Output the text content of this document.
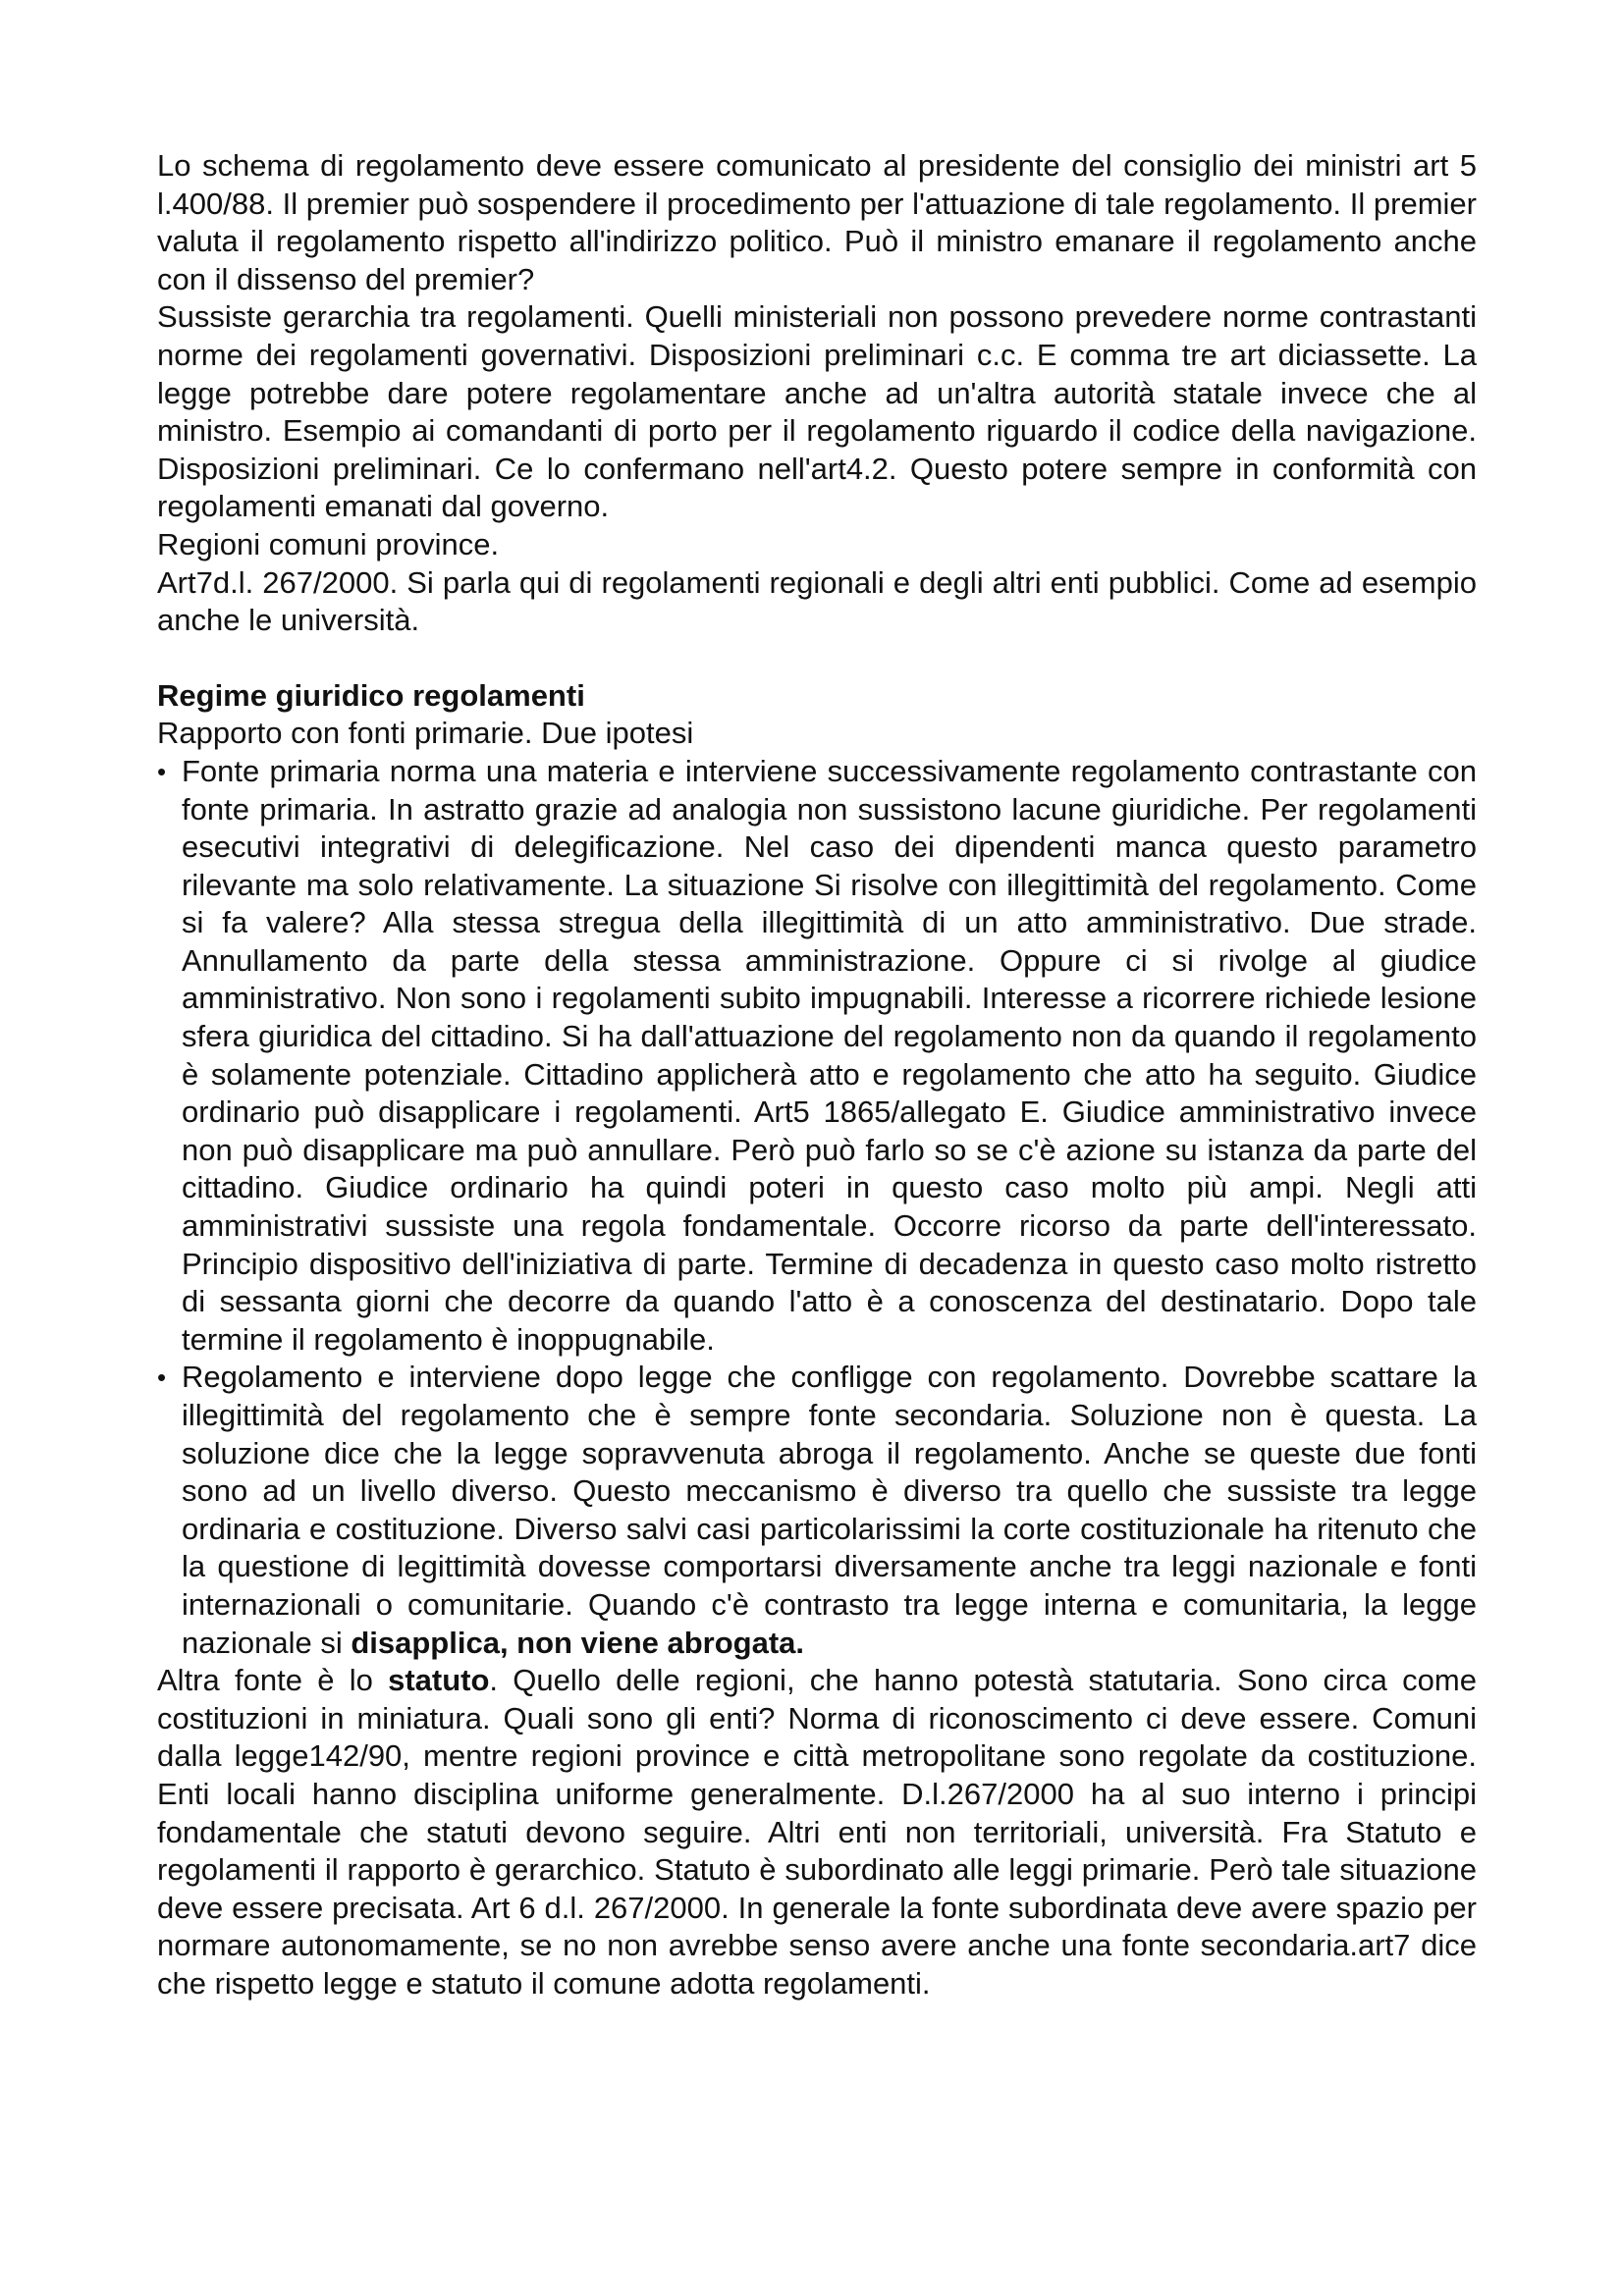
Lo schema di regolamento deve essere comunicato al presidente del consiglio dei ministri art 5 l.400/88. Il premier può sospendere il procedimento per l'attuazione di tale regolamento. Il premier valuta il regolamento rispetto all'indirizzo politico. Può il ministro emanare il regolamento anche con il dissenso del premier?

Sussiste gerarchia tra regolamenti. Quelli ministeriali non possono prevedere norme contrastanti norme dei regolamenti governativi. Disposizioni preliminari c.c. E comma tre art diciassette. La legge potrebbe dare potere regolamentare anche ad un'altra autorità statale invece che al ministro. Esempio ai comandanti di porto per il regolamento riguardo il codice della navigazione. Disposizioni preliminari. Ce lo confermano nell'art4.2. Questo potere sempre in conformità con regolamenti emanati dal governo.

Regioni comuni province.

Art7d.l. 267/2000. Si parla qui di regolamenti regionali e degli altri enti pubblici. Come ad esempio anche le università.

Regime giuridico regolamenti

Rapporto con fonti primarie. Due ipotesi

• Fonte primaria norma una materia e interviene successivamente regolamento contrastante con fonte primaria. In astratto grazie ad analogia non sussistono lacune giuridiche. Per regolamenti esecutivi integrativi di delegificazione. Nel caso dei dipendenti manca questo parametro rilevante ma solo relativamente. La situazione Si risolve con illegittimità del regolamento. Come si fa valere? Alla stessa stregua della illegittimità di un atto amministrativo. Due strade. Annullamento da parte della stessa amministrazione. Oppure ci si rivolge al giudice amministrativo. Non sono i regolamenti subito impugnabili. Interesse a ricorrere richiede lesione sfera giuridica del cittadino. Si ha dall'attuazione del regolamento non da quando il regolamento è solamente potenziale. Cittadino applicherà atto e regolamento che atto ha seguito. Giudice ordinario può disapplicare i regolamenti. Art5 1865/allegato E. Giudice amministrativo invece non può disapplicare ma può annullare. Però può farlo so se c'è azione su istanza da parte del cittadino. Giudice ordinario ha quindi poteri in questo caso molto più ampi. Negli atti amministrativi sussiste una regola fondamentale. Occorre ricorso da parte dell'interessato. Principio dispositivo dell'iniziativa di parte. Termine di decadenza in questo caso molto ristretto di sessanta giorni che decorre da quando l'atto è a conoscenza del destinatario. Dopo tale termine il regolamento è inoppugnabile.
• Regolamento e interviene dopo legge che confligge con regolamento. Dovrebbe scattare la illegittimità del regolamento che è sempre fonte secondaria. Soluzione non è questa. La soluzione dice che la legge sopravvenuta abroga il regolamento. Anche se queste due fonti sono ad un livello diverso. Questo meccanismo è diverso tra quello che sussiste tra legge ordinaria e costituzione. Diverso salvi casi particolarissimi la corte costituzionale ha ritenuto che la questione di legittimità dovesse comportarsi diversamente anche tra leggi nazionale e fonti internazionali o comunitarie. Quando c'è contrasto tra legge interna e comunitaria, la legge nazionale si disapplica, non viene abrogata.

Altra fonte è lo statuto. Quello delle regioni, che hanno potestà statutaria. Sono circa come costituzioni in miniatura. Quali sono gli enti? Norma di riconoscimento ci deve essere. Comuni dalla legge142/90, mentre regioni province e città metropolitane sono regolate da costituzione. Enti locali hanno disciplina uniforme generalmente. D.l.267/2000 ha al suo interno i principi fondamentale che statuti devono seguire. Altri enti non territoriali, università. Fra Statuto e regolamenti il rapporto è gerarchico. Statuto è subordinato alle leggi primarie. Però tale situazione deve essere precisata. Art 6 d.l. 267/2000. In generale la fonte subordinata deve avere spazio per normare autonomamente, se no non avrebbe senso avere anche una fonte secondaria.art7 dice che rispetto legge e statuto il comune adotta regolamenti.
